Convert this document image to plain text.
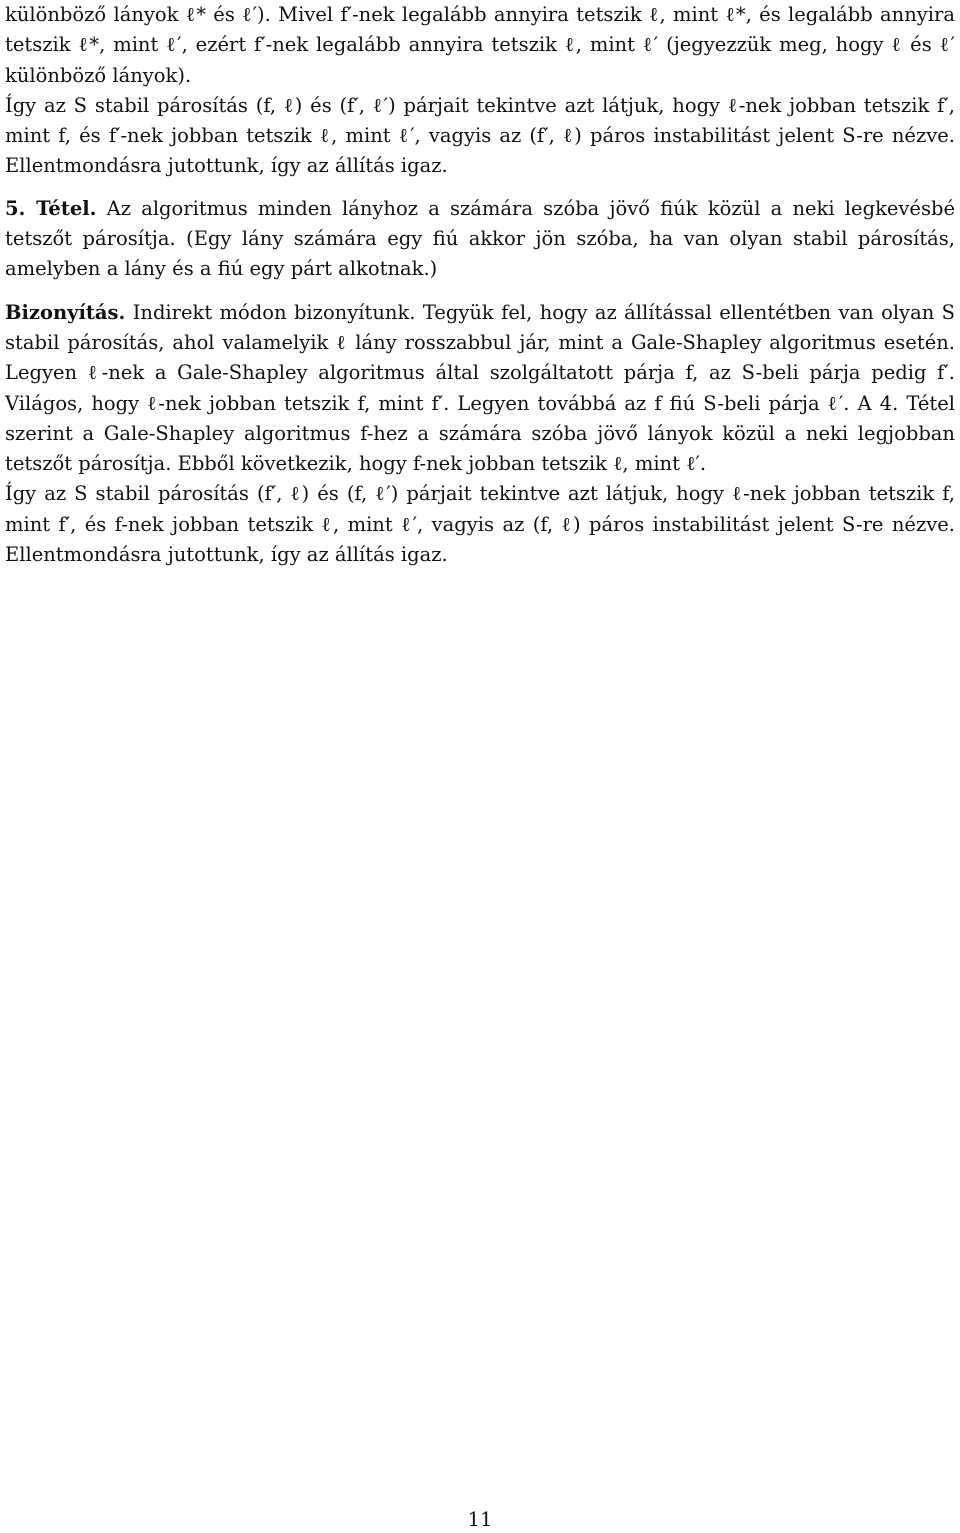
különböző lányok ℓ* és ℓ′). Mivel f′-nek legalább annyira tetszik ℓ, mint ℓ*, és legalább annyira tetszik ℓ*, mint ℓ′, ezért f′-nek legalább annyira tetszik ℓ, mint ℓ′ (jegyezzük meg, hogy ℓ és ℓ′ különböző lányok).

Így az S stabil párosítás (f, ℓ) és (f′, ℓ′) párjait tekintve azt látjuk, hogy ℓ-nek jobban tetszik f′, mint f, és f′-nek jobban tetszik ℓ, mint ℓ′, vagyis az (f′, ℓ) páros instabilitást jelent S-re nézve. Ellentmondásra jutottunk, így az állítás igaz.

5. Tétel. Az algoritmus minden lányhoz a számára szóba jövő fiúk közül a neki legkevésbé tetszőt párosítja. (Egy lány számára egy fiú akkor jön szóba, ha van olyan stabil párosítás, amelyben a lány és a fiú egy párt alkotnak.)

Bizonyítás. Indirekt módon bizonyítunk. Tegyük fel, hogy az állítással ellentétben van olyan S stabil párosítás, ahol valamelyik ℓ lány rosszabbul jár, mint a Gale-Shapley algoritmus esetén. Legyen ℓ-nek a Gale-Shapley algoritmus által szolgáltatott párja f, az S-beli párja pedig f′. Világos, hogy ℓ-nek jobban tetszik f, mint f′. Legyen továbbá az f fiú S-beli párja ℓ′. A 4. Tétel szerint a Gale-Shapley algoritmus f-hez a számára szóba jövő lányok közül a neki legjobban tetszőt párosítja. Ebből következik, hogy f-nek jobban tetszik ℓ, mint ℓ′.

Így az S stabil párosítás (f′, ℓ) és (f, ℓ′) párjait tekintve azt látjuk, hogy ℓ-nek jobban tetszik f, mint f′, és f-nek jobban tetszik ℓ, mint ℓ′, vagyis az (f, ℓ) páros instabilitást jelent S-re nézve. Ellentmondásra jutottunk, így az állítás igaz.

11
